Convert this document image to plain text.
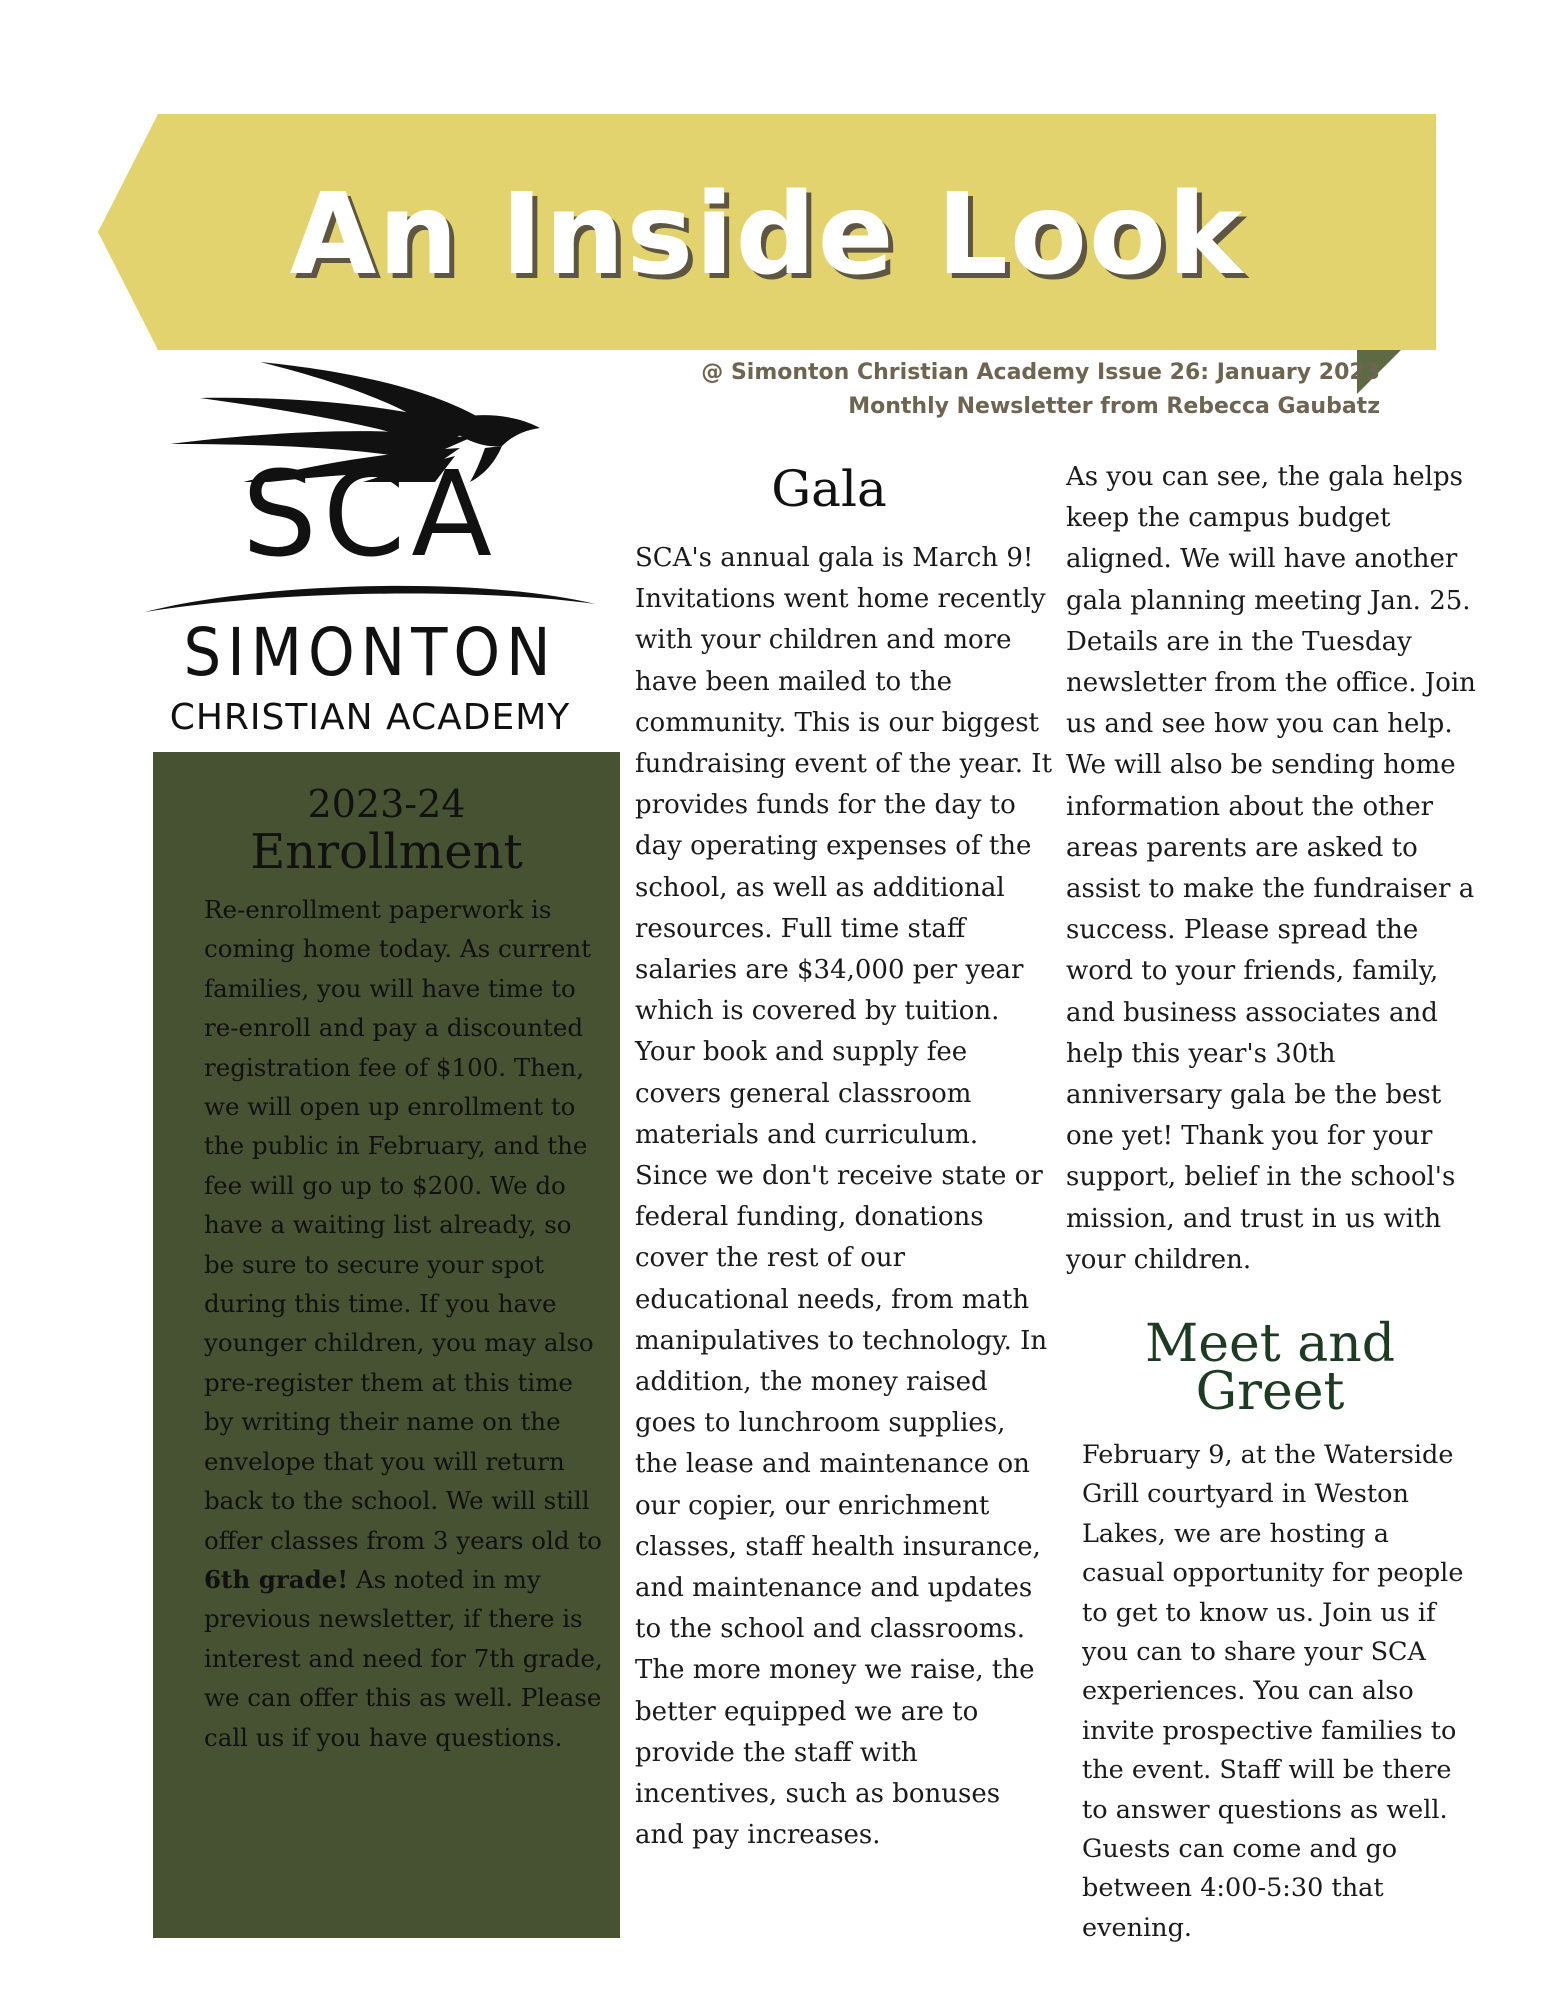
An Inside Look
@ Simonton Christian Academy Issue 26: January 2023
Monthly Newsletter from Rebecca Gaubatz
SCA
SIMONTON
CHRISTIAN ACADEMY
2023-24
Enrollment
Re-enrollment paperwork is coming home today. As current families, you will have time to re-enroll and pay a discounted registration fee of $100. Then, we will open up enrollment to the public in February, and the fee will go up to $200. We do have a waiting list already, so be sure to secure your spot during this time. If you have younger children, you may also pre-register them at this time by writing their name on the envelope that you will return back to the school. We will still offer classes from 3 years old to 6th grade! As noted in my previous newsletter, if there is interest and need for 7th grade, we can offer this as well. Please call us if you have questions.
Gala
SCA's annual gala is March 9! Invitations went home recently with your children and more have been mailed to the community. This is our biggest fundraising event of the year. It provides funds for the day to day operating expenses of the school, as well as additional resources. Full time staff salaries are $34,000 per year which is covered by tuition. Your book and supply fee covers general classroom materials and curriculum. Since we don't receive state or federal funding, donations cover the rest of our educational needs, from math manipulatives to technology. In addition, the money raised goes to lunchroom supplies, the lease and maintenance on our copier, our enrichment classes, staff health insurance, and maintenance and updates to the school and classrooms. The more money we raise, the better equipped we are to provide the staff with incentives, such as bonuses and pay increases.
As you can see, the gala helps keep the campus budget aligned. We will have another gala planning meeting Jan. 25. Details are in the Tuesday newsletter from the office. Join us and see how you can help. We will also be sending home information about the other areas parents are asked to assist to make the fundraiser a success. Please spread the word to your friends, family, and business associates and help this year's 30th anniversary gala be the best one yet! Thank you for your support, belief in the school's mission, and trust in us with your children.
Meet and
Greet
February 9, at the Waterside Grill courtyard in Weston Lakes, we are hosting a casual opportunity for people to get to know us. Join us if you can to share your SCA experiences. You can also invite prospective families to the event. Staff will be there to answer questions as well. Guests can come and go between 4:00-5:30 that evening.
